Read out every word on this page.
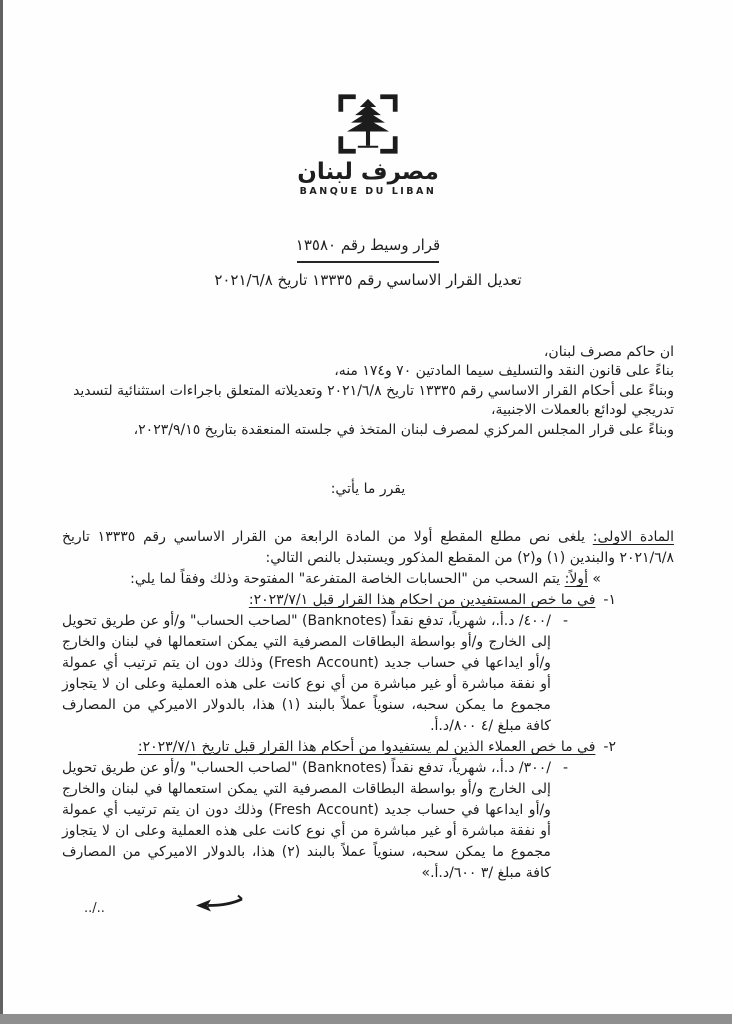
مصرف لبنان
BANQUE DU LIBAN
قرار وسيط رقم ١٣٥٨٠
تعديل القرار الاساسي رقم ١٣٣٣٥ تاريخ ٢٠٢١/٦/٨

ان حاكم مصرف لبنان،

بناءً على قانون النقد والتسليف سيما المادتين ٧٠ و١٧٤ منه،

وبناءً على أحكام القرار الاساسي رقم ١٣٣٣٥ تاريخ ٢٠٢١/٦/٨ وتعديلاته المتعلق باجراءات استثنائية لتسديد تدريجي لودائع بالعملات الاجنبية،

وبناءً على قرار المجلس المركزي لمصرف لبنان المتخذ في جلسته المنعقدة بتاريخ ٢٠٢٣/٩/١٥،

يقرر ما يأتي:

المادة الاولى: يلغى نص مطلع المقطع أولا من المادة الرابعة من القرار الاساسي رقم ١٣٣٣٥ تاريخ ٢٠٢١/٦/٨ والبندين (١) و(٢) من المقطع المذكور ويستبدل بالنص التالي:

« أولاً: يتم السحب من "الحسابات الخاصة المتفرعة" المفتوحة وذلك وفقاً لما يلي:

١-
في ما خص المستفيدين من احكام هذا القرار قبل ٢٠٢٣/٧/١:
-
/٤٠٠/ د.أ.، شهرياً، تدفع نقداً (Banknotes) "لصاحب الحساب" و/أو عن طريق تحويل إلى الخارج و/أو بواسطة البطاقات المصرفية التي يمكن استعمالها في لبنان والخارج و/أو ايداعها في حساب جديد (Fresh Account) وذلك دون ان يتم ترتيب أي عمولة أو نفقة مباشرة أو غير مباشرة من أي نوع كانت على هذه العملية وعلى ان لا يتجاوز مجموع ما يمكن سحبه، سنوياً عملاً بالبند (١) هذا، بالدولار الاميركي من المصارف كافة مبلغ /٤ ٨٠٠/د.أ.
٢-
في ما خص العملاء الذين لم يستفيدوا من أحكام هذا القرار قبل تاريخ ٢٠٢٣/٧/١:
-
/٣٠٠/ د.أ.، شهرياً، تدفع نقداً (Banknotes) "لصاحب الحساب" و/أو عن طريق تحويل إلى الخارج و/أو بواسطة البطاقات المصرفية التي يمكن استعمالها في لبنان والخارج و/أو ايداعها في حساب جديد (Fresh Account) وذلك دون ان يتم ترتيب أي عمولة أو نفقة مباشرة أو غير مباشرة من أي نوع كانت على هذه العملية وعلى ان لا يتجاوز مجموع ما يمكن سحبه، سنوياً عملاً بالبند (٢) هذا، بالدولار الاميركي من المصارف كافة مبلغ /٣ ٦٠٠/د.أ.»
../..
